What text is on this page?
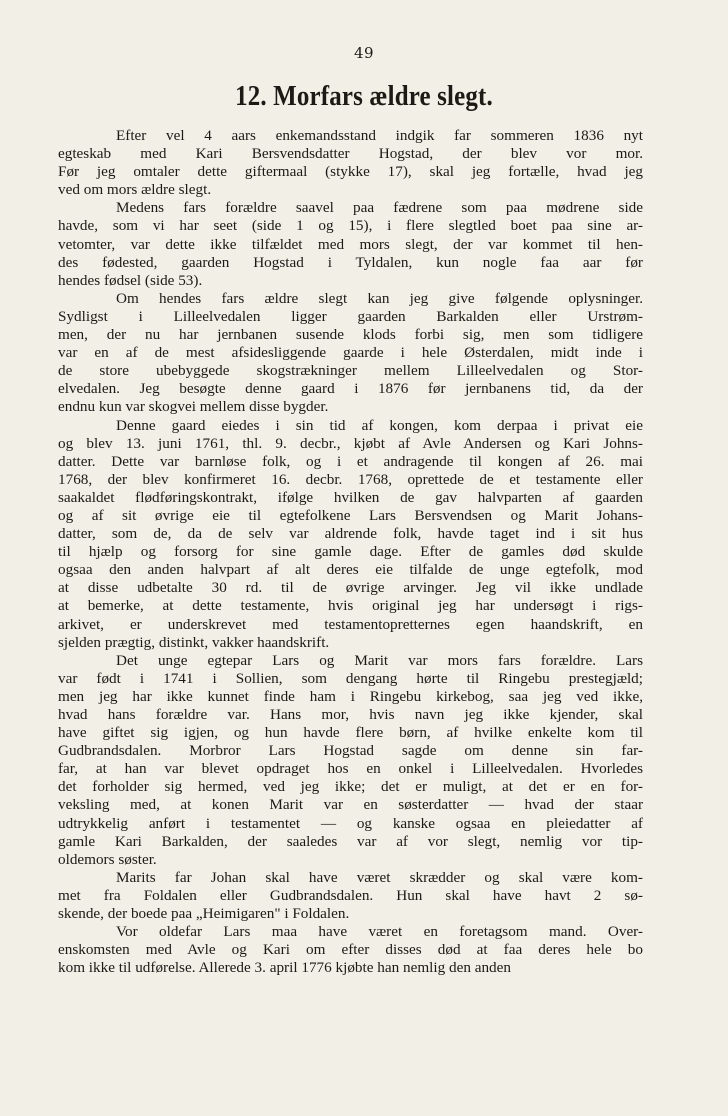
49
12. Morfars ældre slegt.
Efter vel 4 aars enkemandsstand indgik far sommeren 1836 nyt
egteskab med Kari Bersvendsdatter Hogstad, der blev vor mor.
Før jeg omtaler dette giftermaal (stykke 17), skal jeg fortælle, hvad jeg
ved om mors ældre slegt.
Medens fars forældre saavel paa fædrene som paa mødrene side
havde, som vi har seet (side 1 og 15), i flere slegtled boet paa sine ar-
vetomter, var dette ikke tilfældet med mors slegt, der var kommet til hen-
des fødested, gaarden Hogstad i Tyldalen, kun nogle faa aar før
hendes fødsel (side 53).
Om hendes fars ældre slegt kan jeg give følgende oplysninger.
Sydligst i Lilleelvedalen ligger gaarden Barkalden eller Urstrøm-
men, der nu har jernbanen susende klods forbi sig, men som tidligere
var en af de mest afsidesliggende gaarde i hele Østerdalen, midt inde i
de store ubebyggede skogstrækninger mellem Lilleelvedalen og Stor-
elvedalen. Jeg besøgte denne gaard i 1876 før jernbanens tid, da der
endnu kun var skogvei mellem disse bygder.
Denne gaard eiedes i sin tid af kongen, kom derpaa i privat eie
og blev 13. juni 1761, thl. 9. decbr., kjøbt af Avle Andersen og Kari Johns-
datter. Dette var barnløse folk, og i et andragende til kongen af 26. mai
1768, der blev konfirmeret 16. decbr. 1768, oprettede de et testamente eller
saakaldet flødføringskontrakt, ifølge hvilken de gav halvparten af gaarden
og af sit øvrige eie til egtefolkene Lars Bersvendsen og Marit Johans-
datter, som de, da de selv var aldrende folk, havde taget ind i sit hus
til hjælp og forsorg for sine gamle dage. Efter de gamles død skulde
ogsaa den anden halvpart af alt deres eie tilfalde de unge egtefolk, mod
at disse udbetalte 30 rd. til de øvrige arvinger. Jeg vil ikke undlade
at bemerke, at dette testamente, hvis original jeg har undersøgt i rigs-
arkivet, er underskrevet med testamentopretternes egen haandskrift, en
sjelden prægtig, distinkt, vakker haandskrift.
Det unge egtepar Lars og Marit var mors fars forældre. Lars
var født i 1741 i Sollien, som dengang hørte til Ringebu prestegjæld;
men jeg har ikke kunnet finde ham i Ringebu kirkebog, saa jeg ved ikke,
hvad hans forældre var. Hans mor, hvis navn jeg ikke kjender, skal
have giftet sig igjen, og hun havde flere børn, af hvilke enkelte kom til
Gudbrandsdalen. Morbror Lars Hogstad sagde om denne sin far-
far, at han var blevet opdraget hos en onkel i Lilleelvedalen. Hvorledes
det forholder sig hermed, ved jeg ikke; det er muligt, at det er en for-
veksling med, at konen Marit var en søsterdatter — hvad der staar
udtrykkelig anført i testamentet — og kanske ogsaa en pleiedatter af
gamle Kari Barkalden, der saaledes var af vor slegt, nemlig vor tip-
oldemors søster.
Marits far Johan skal have været skrædder og skal være kom-
met fra Foldalen eller Gudbrandsdalen. Hun skal have havt 2 sø-
skende, der boede paa „Heimigaren" i Foldalen.
Vor oldefar Lars maa have været en foretagsom mand. Over-
enskomsten med Avle og Kari om efter disses død at faa deres hele bo
kom ikke til udførelse. Allerede 3. april 1776 kjøbte han nemlig den anden
